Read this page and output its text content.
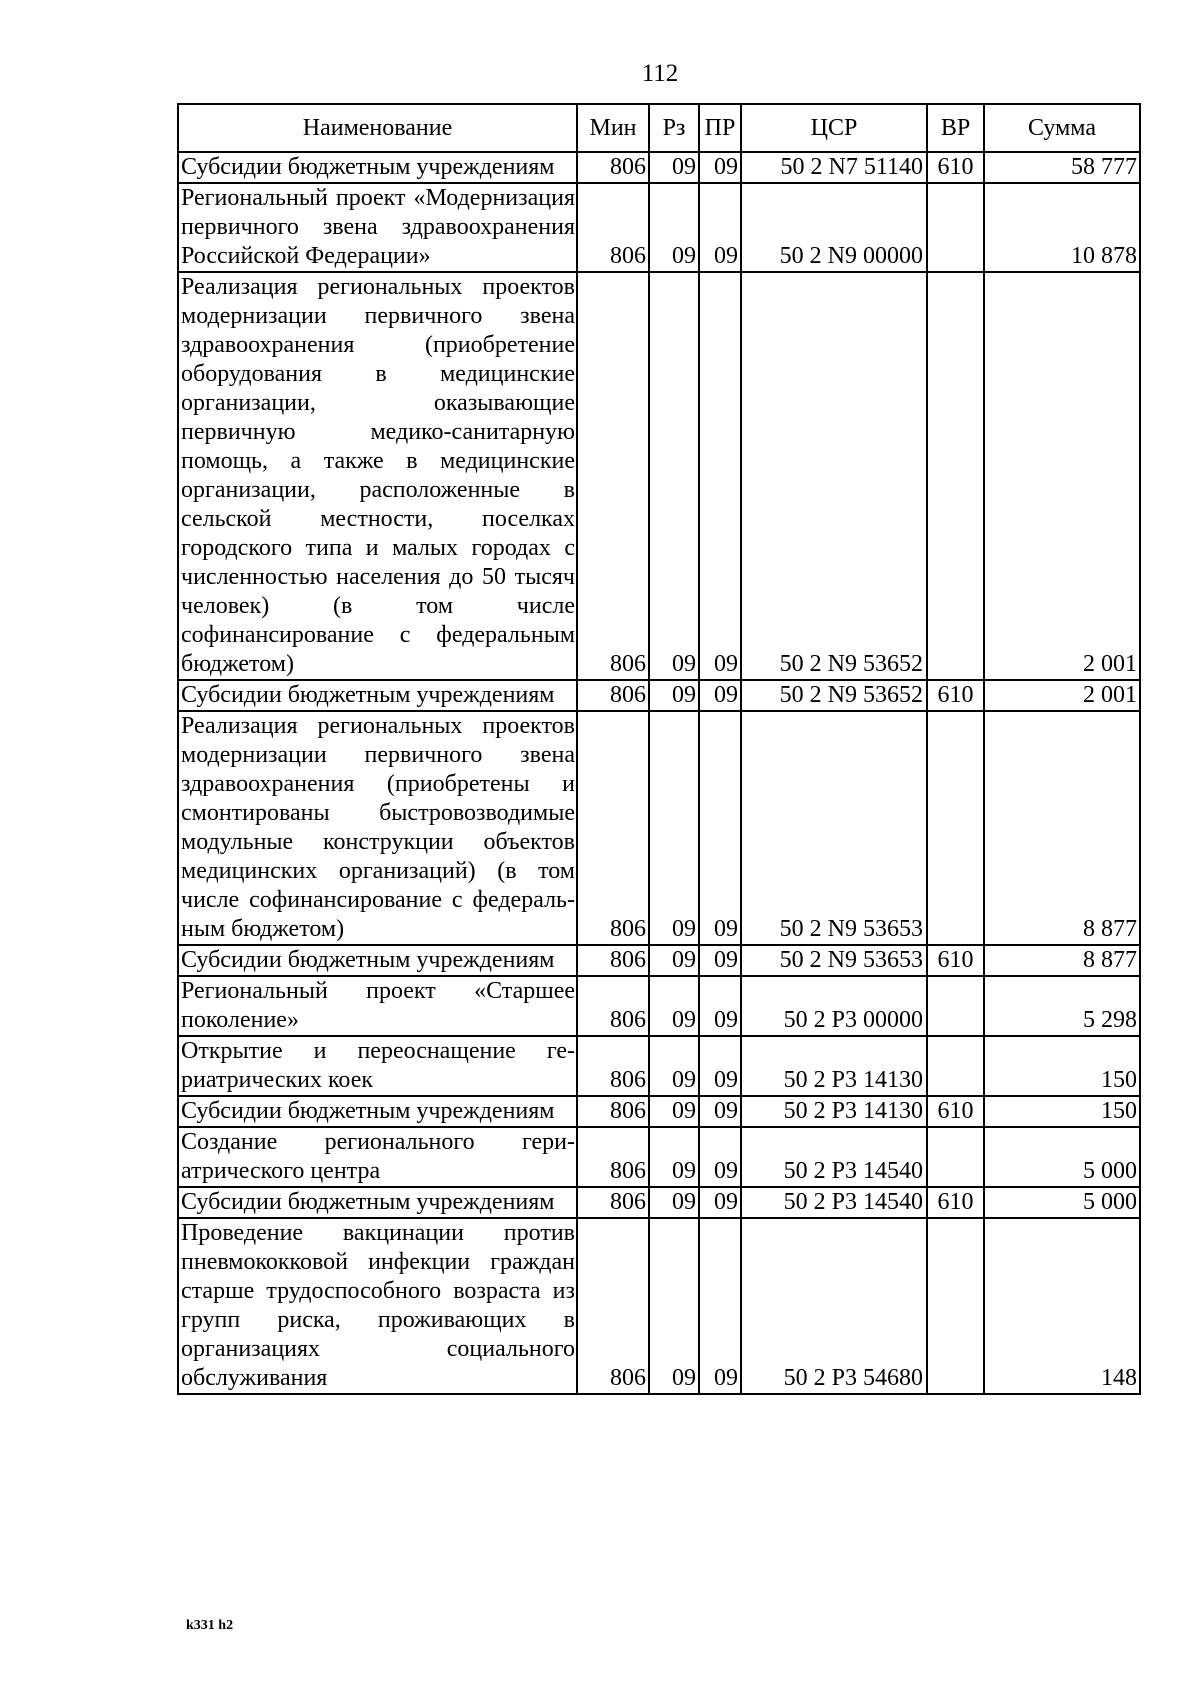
112
Наименование	Мин	Рз	ПР	ЦСР	ВР	Сумма
Субсидии бюджетным учреждениям	806	09	09	50 2 N7 51140	610	58 777
Региональный проект «Модернизация первичного звена здравоохранения Российской Федерации»	806	09	09	50 2 N9 00000		10 878
Реализация региональных проектов модернизации первичного звена здравоохранения (приобретение оборудования в медицинские организации, оказывающие первичную медико-санитарную помощь, а также в медицинские организации, расположенные в сельской местности, поселках городского типа и малых городах с численностью населения до 50 тысяч человек) (в том числе софинансирование с федеральным бюджетом)	806	09	09	50 2 N9 53652		2 001
Субсидии бюджетным учреждениям	806	09	09	50 2 N9 53652	610	2 001
Реализация региональных проектов модернизации первичного звена здравоохранения (приобретены и смонтированы быстровозводимые модульные конструкции объектов медицинских организаций) (в том числе софинансирование с федеральным бюджетом)	806	09	09	50 2 N9 53653		8 877
Субсидии бюджетным учреждениям	806	09	09	50 2 N9 53653	610	8 877
Региональный проект «Старшее поколение»	806	09	09	50 2 P3 00000		5 298
Открытие и переоснащение гериатрических коек	806	09	09	50 2 P3 14130		150
Субсидии бюджетным учреждениям	806	09	09	50 2 P3 14130	610	150
Создание регионального гериатрического центра	806	09	09	50 2 P3 14540		5 000
Субсидии бюджетным учреждениям	806	09	09	50 2 P3 14540	610	5 000
Проведение вакцинации против пневмококковой инфекции граждан старше трудоспособного возраста из групп риска, проживающих в организациях социального обслуживания	806	09	09	50 2 P3 54680		148
k331 h2
